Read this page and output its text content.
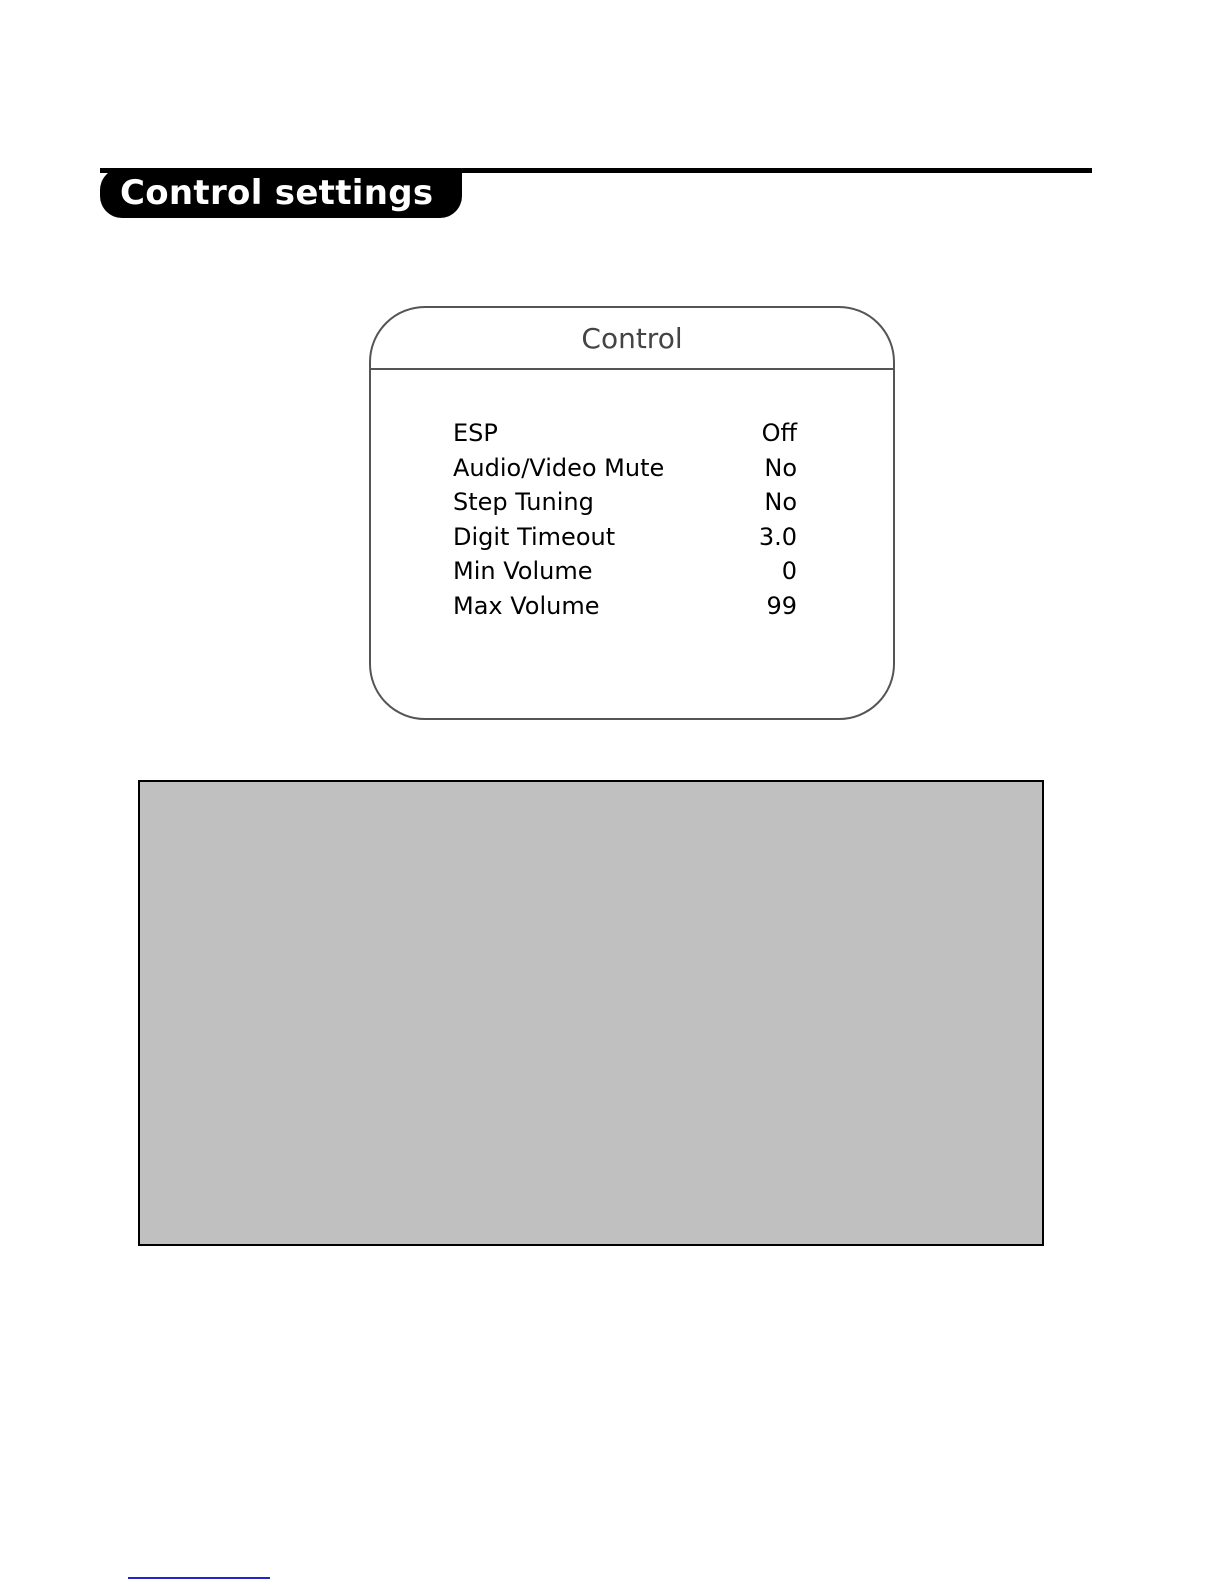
Control settings
Control
ESP	Off
Audio/Video Mute	No
Step Tuning	No
Digit Timeout	3.0
Min Volume	0
Max Volume	99
